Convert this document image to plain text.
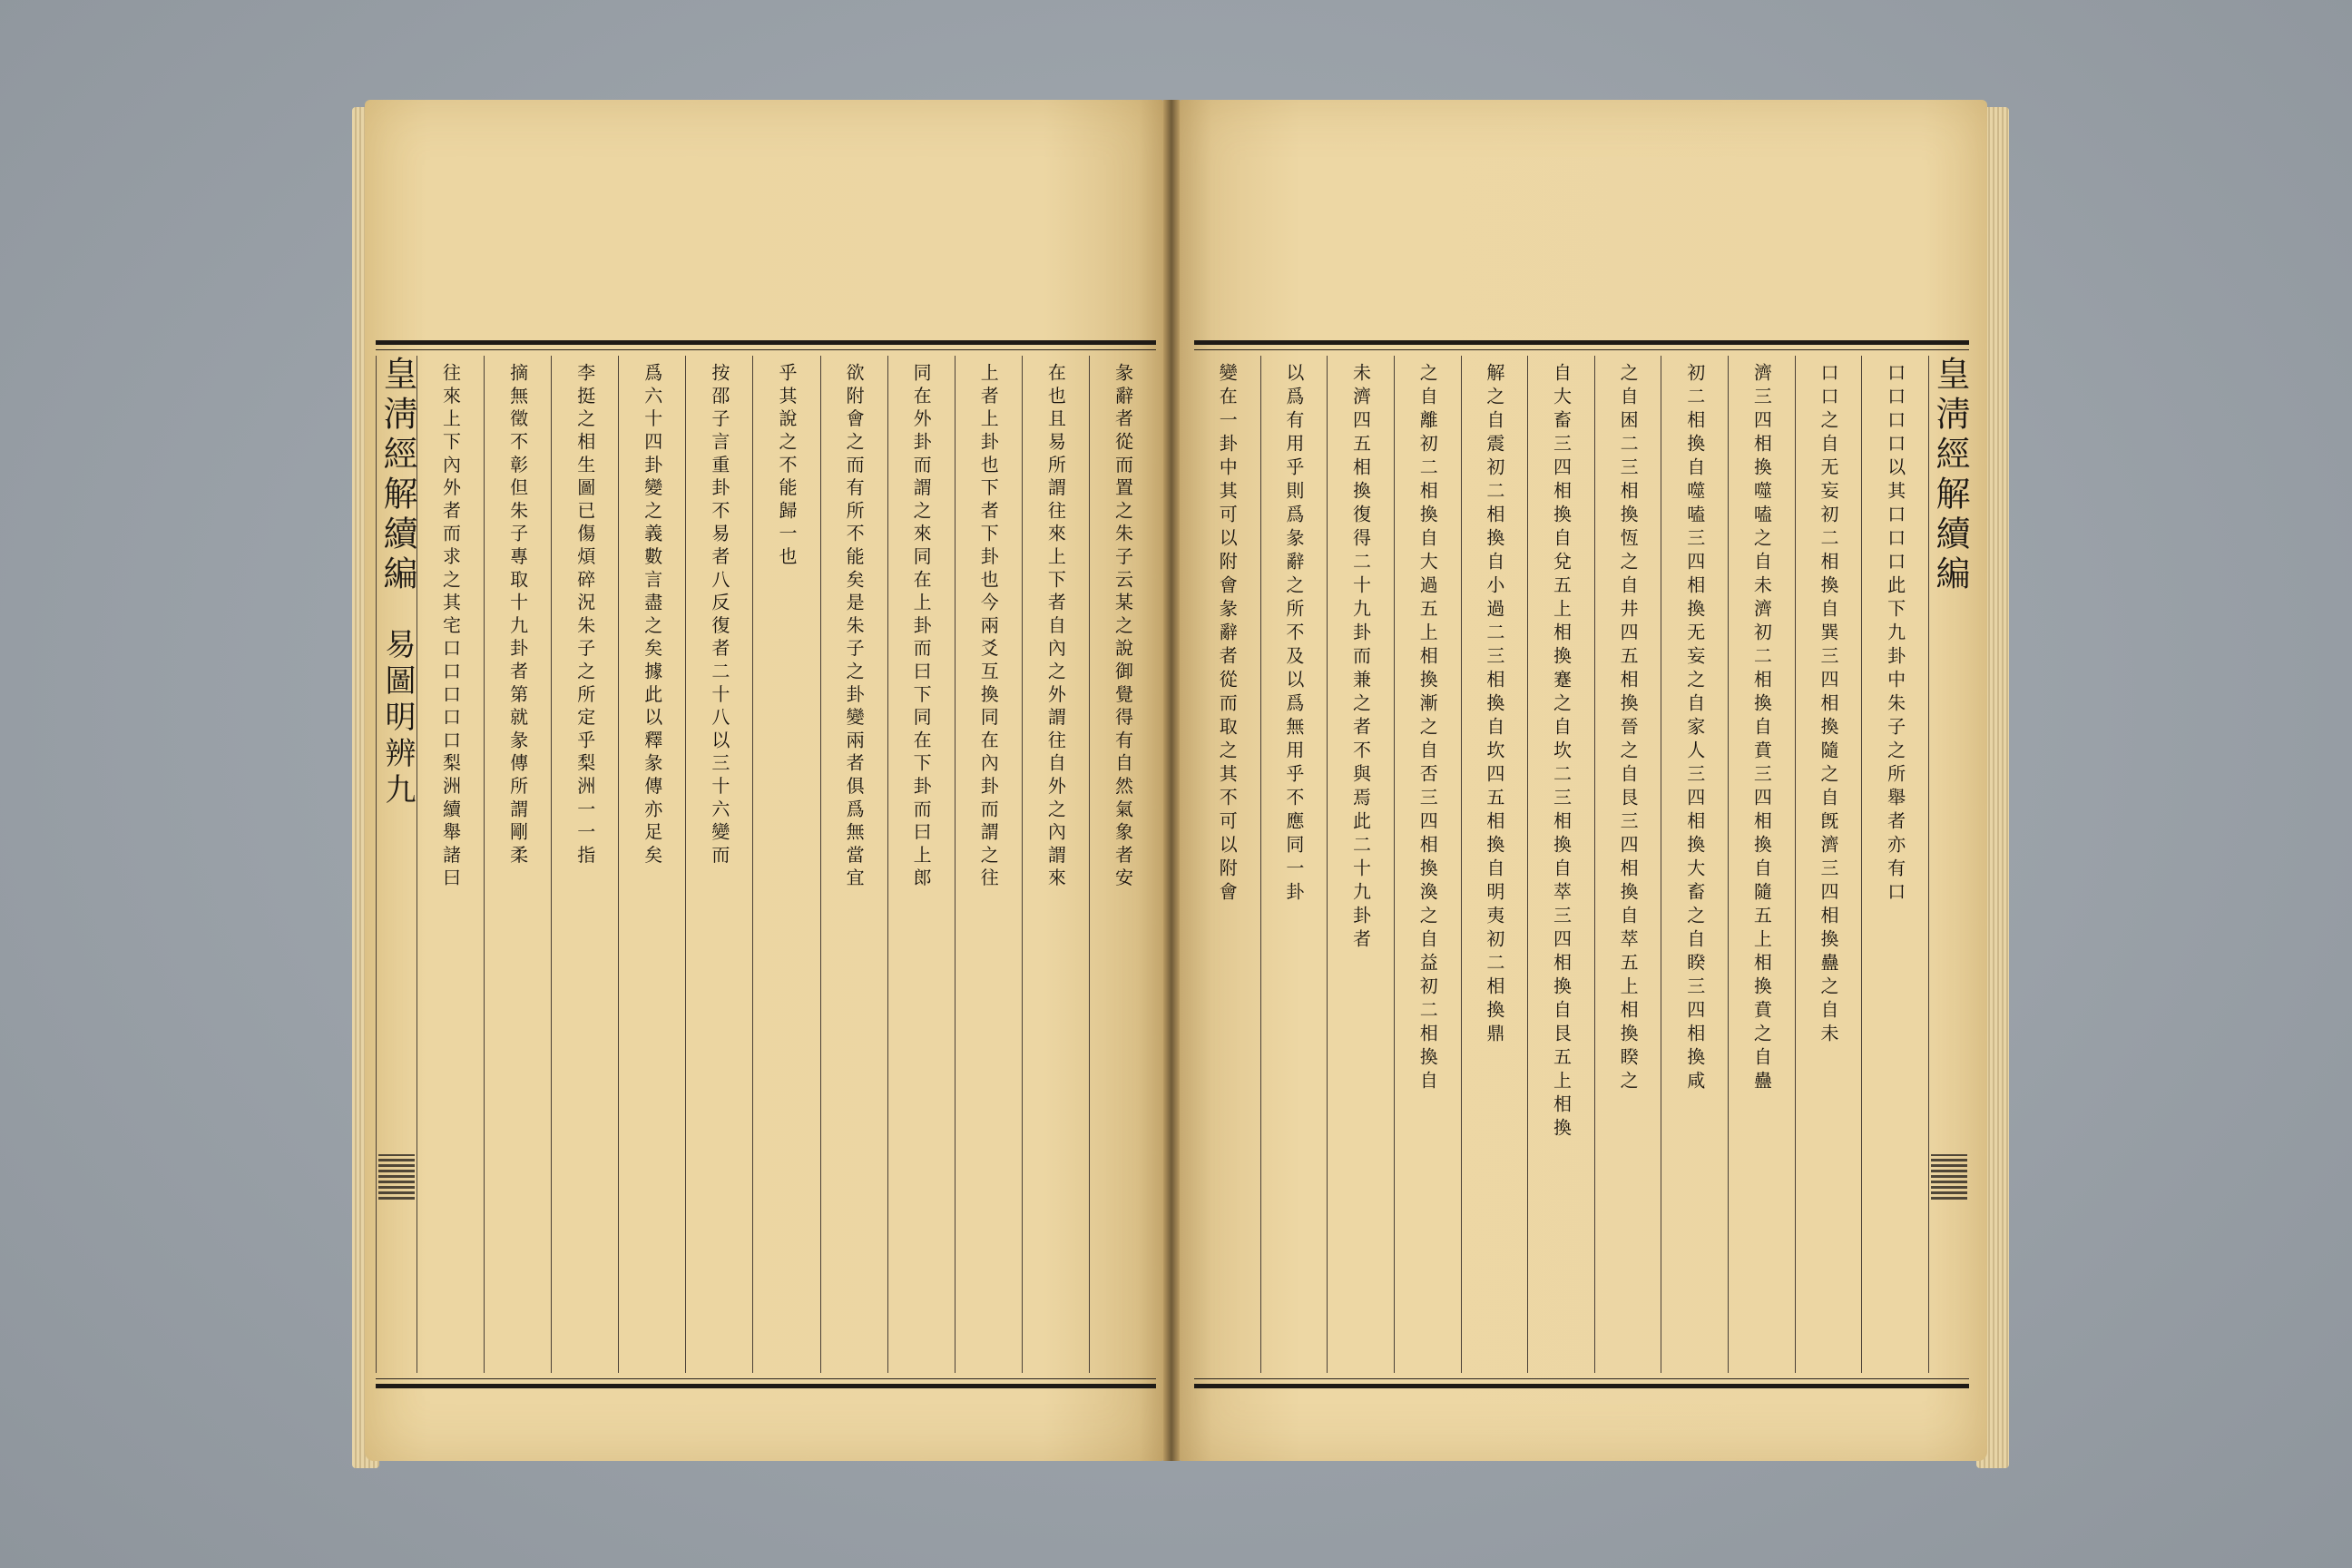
彖辭者從而置之朱子云某之說御覺得有自然氣象者安
在也且易所謂往來上下者自內之外謂往自外之內謂來
上者上卦也下者下卦也今兩爻互換同在內卦而謂之往
同在外卦而謂之來同在上卦而曰下同在下卦而曰上郎
欲附會之而有所不能矣是朱子之卦變兩者俱爲無當宜
乎其說之不能歸一也
按邵子言重卦不易者八反復者二十八以三十六變而
爲六十四卦變之義數言盡之矣據此以釋彖傳亦足矣
李挺之相生圖已傷煩碎況朱子之所定乎梨洲一一指
摘無徵不彰但朱子專取十九卦者第就彖傳所謂剛柔
往來上下內外者而求之其宅口口口口口梨洲續舉諸曰
皇淸經解續編
易圖明辨九
皇淸經解續編
口口口口以其口口口此下九卦中朱子之所舉者亦有口
口口之自无妄初二相換自巽三四相換隨之自旣濟三四相換蠱之自未
濟三四相換噬嗑之自未濟初二相換自賁三四相換自隨五上相換賁之自蠱
初二相換自噬嗑三四相換无妄之自家人三四相換大畜之自睽三四相換咸
之自困二三相換恆之自井四五相換晉之自艮三四相換自萃五上相換睽之
自大畜三四相換自兌五上相換蹇之自坎二三相換自萃三四相換自艮五上相換
解之自震初二相換自小過二三相換自坎四五相換自明夷初二相換鼎
之自離初二相換自大過五上相換漸之自否三四相換渙之自益初二相換自
未濟四五相換復得二十九卦而兼之者不與焉此二十九卦者
以爲有用乎則爲彖辭之所不及以爲無用乎不應同一卦
變在一卦中其可以附會彖辭者從而取之其不可以附會
